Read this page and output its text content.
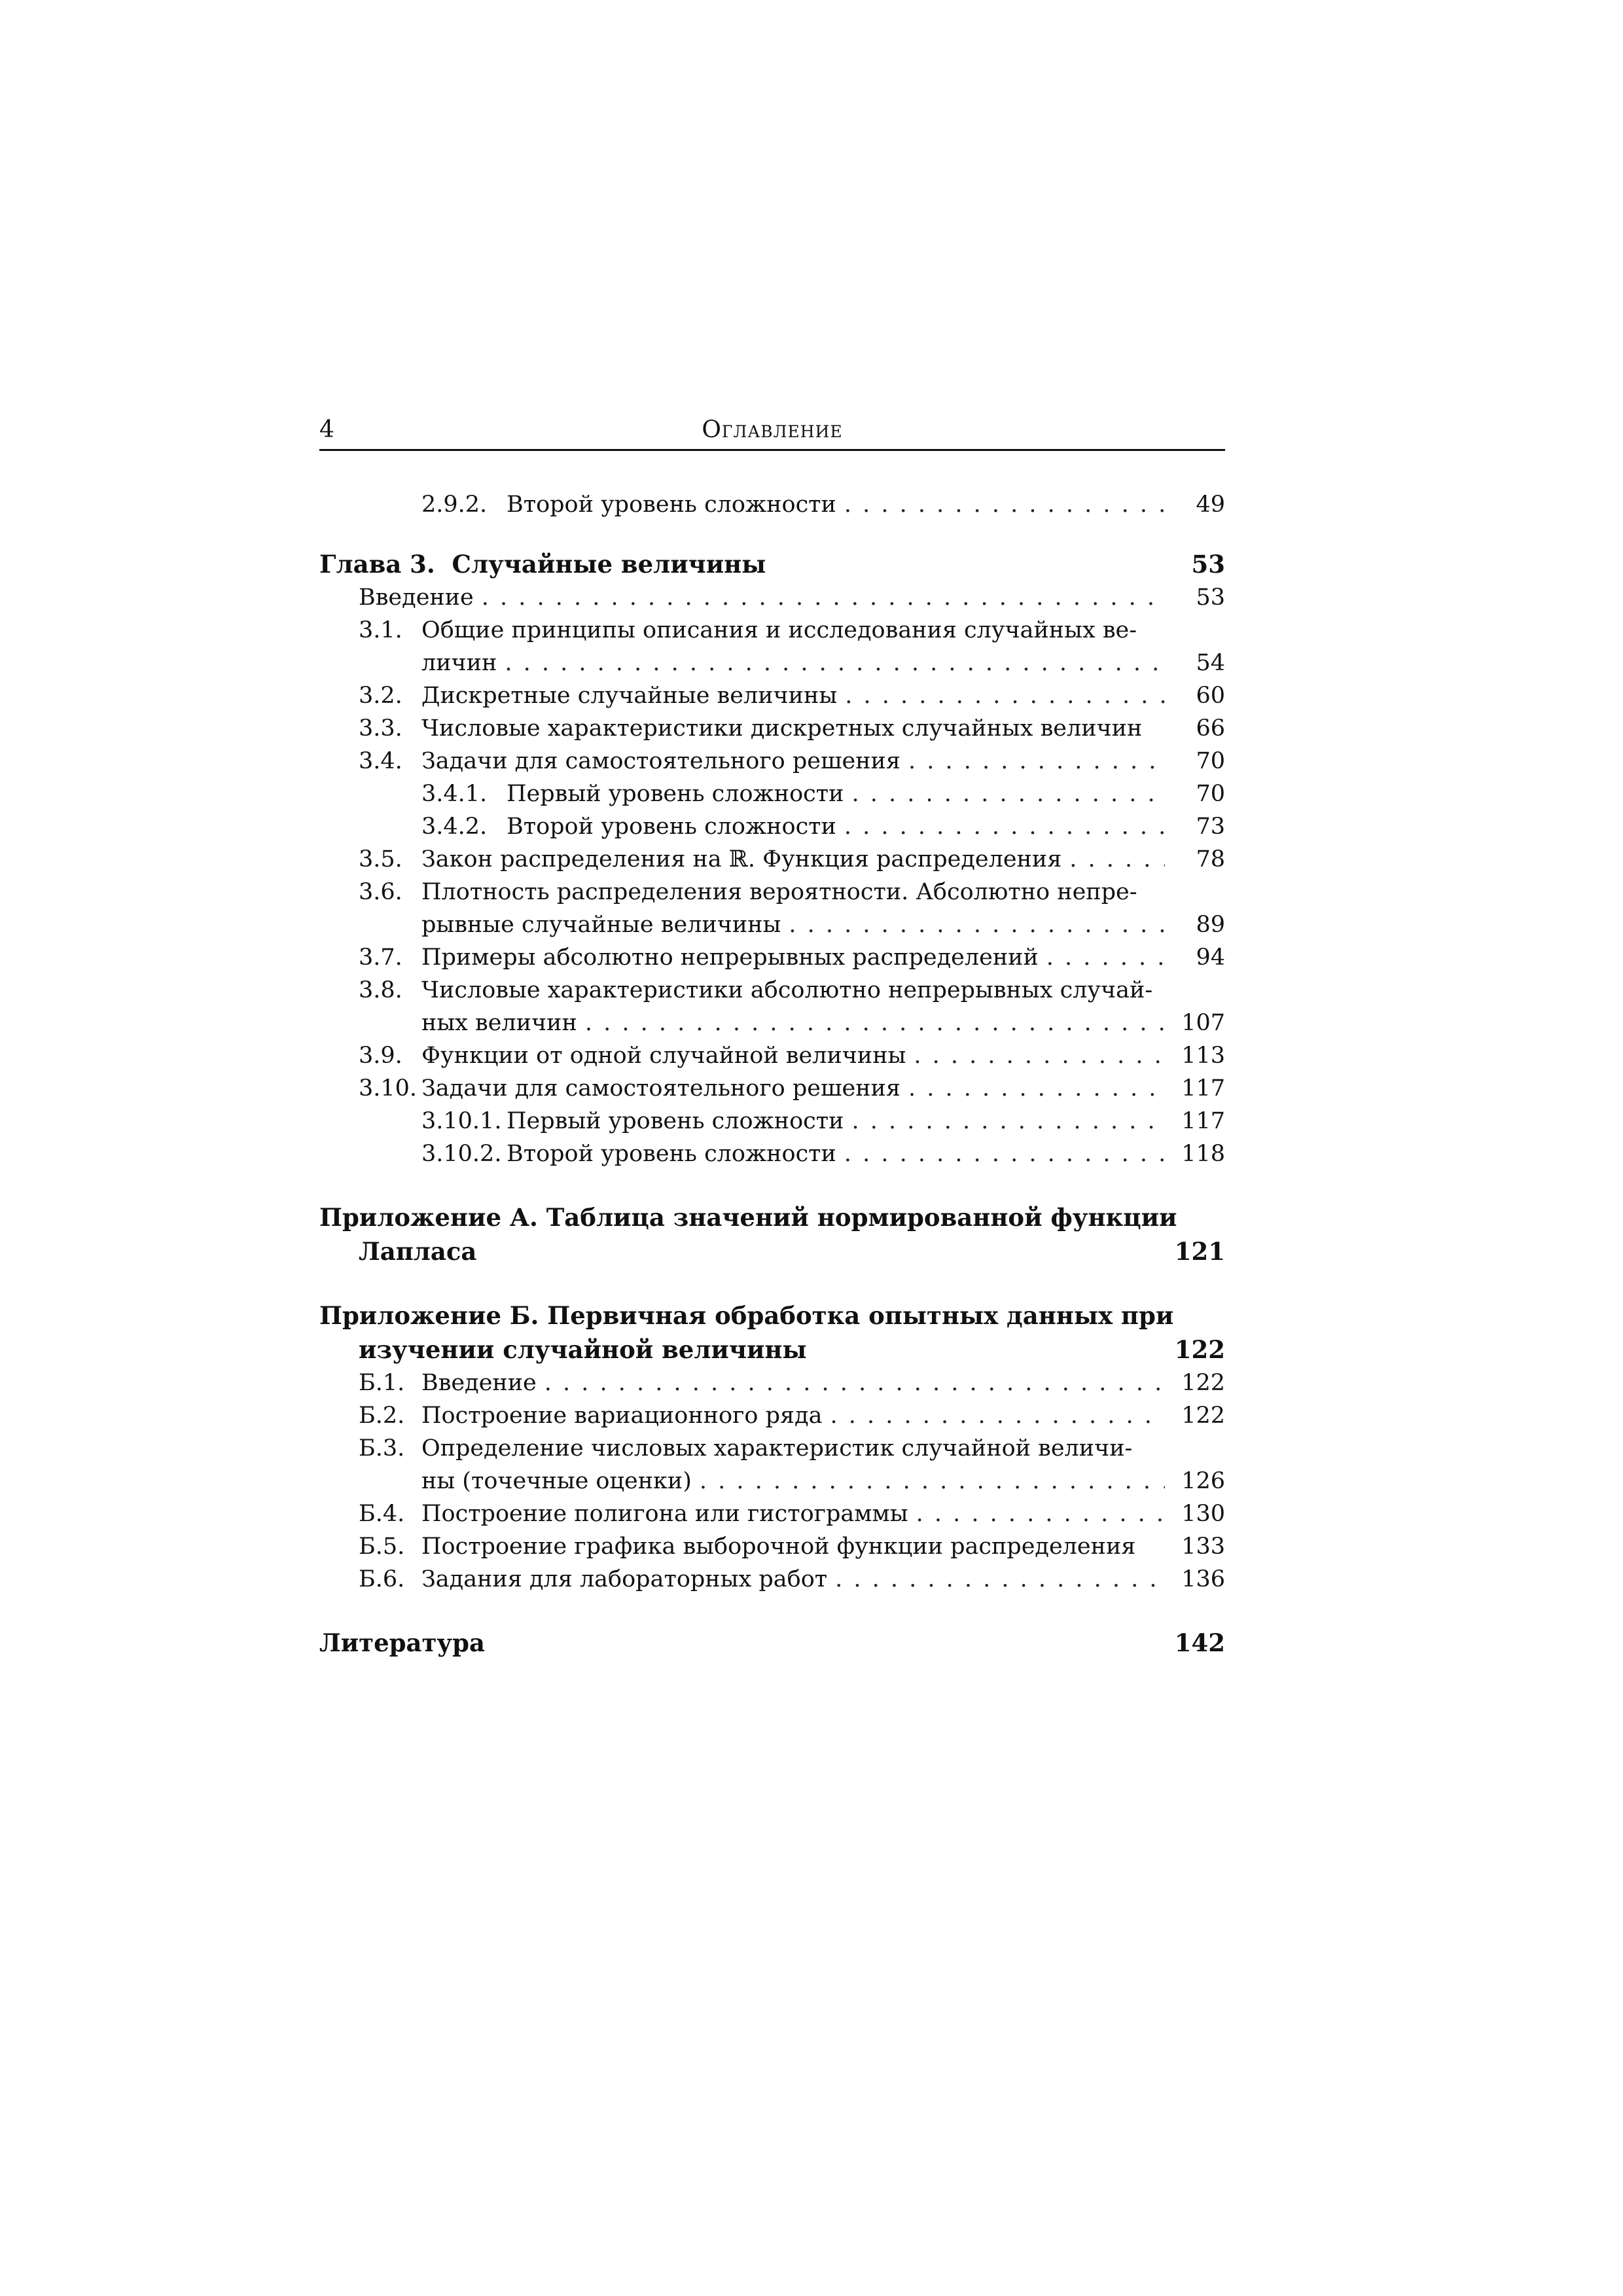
4	Оглавление
2.9.2. Второй уровень сложности . . .	49
Глава 3.  Случайные величины	53
Введение . . .	53
3.1. Общие принципы описания и исследования случайных ве-
личин . . .	54
3.2. Дискретные случайные величины . . .	60
3.3. Числовые характеристики дискретных случайных величин	66
3.4. Задачи для самостоятельного решения . . .	70
3.4.1. Первый уровень сложности . . .	70
3.4.2. Второй уровень сложности . . .	73
3.5. Закон распределения на ℝ. Функция распределения . . .	78
3.6. Плотность распределения вероятности. Абсолютно непре-
рывные случайные величины . . .	89
3.7. Примеры абсолютно непрерывных распределений . . .	94
3.8. Числовые характеристики абсолютно непрерывных случай-
ных величин . . .	107
3.9. Функции от одной случайной величины . . .	113
3.10. Задачи для самостоятельного решения . . .	117
3.10.1. Первый уровень сложности . . .	117
3.10.2. Второй уровень сложности . . .	118
Приложение А. Таблица значений нормированной функции
Лапласа	121
Приложение Б. Первичная обработка опытных данных при
изучении случайной величины	122
Б.1. Введение . . .	122
Б.2. Построение вариационного ряда . . .	122
Б.3. Определение числовых характеристик случайной величи-
ны (точечные оценки) . . .	126
Б.4. Построение полигона или гистограммы . . .	130
Б.5. Построение графика выборочной функции распределения	133
Б.6. Задания для лабораторных работ . . .	136
Литература	142
